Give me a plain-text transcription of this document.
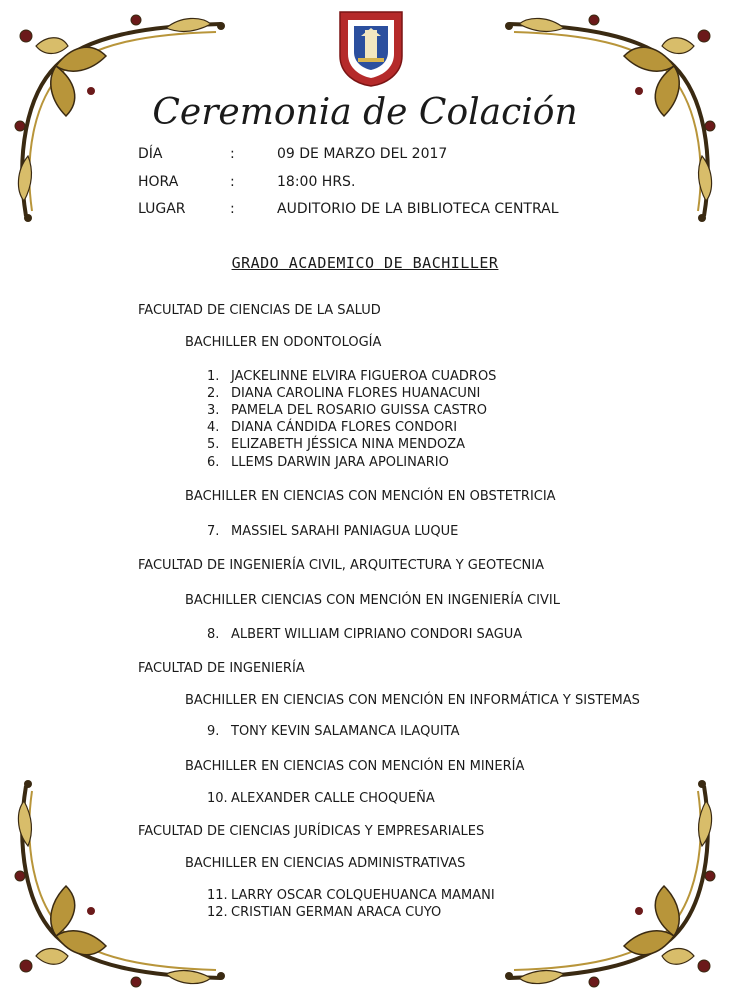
Ceremonia de Colación
DÍA	:	09 DE MARZO DEL 2017
HORA	:	18:00 HRS.
LUGAR	:	AUDITORIO DE LA BIBLIOTECA CENTRAL
GRADO ACADEMICO DE BACHILLER
FACULTAD DE CIENCIAS DE LA SALUD
BACHILLER EN ODONTOLOGÍA
1. JACKELINNE ELVIRA FIGUEROA CUADROS
2. DIANA CAROLINA FLORES HUANACUNI
3. PAMELA DEL ROSARIO GUISSA CASTRO
4. DIANA CÁNDIDA FLORES CONDORI
5. ELIZABETH JÉSSICA NINA MENDOZA
6. LLEMS DARWIN JARA APOLINARIO
BACHILLER EN CIENCIAS CON MENCIÓN EN OBSTETRICIA
7. MASSIEL SARAHI PANIAGUA LUQUE
FACULTAD DE INGENIERÍA CIVIL, ARQUITECTURA Y GEOTECNIA
BACHILLER CIENCIAS CON MENCIÓN EN INGENIERÍA CIVIL
8. ALBERT WILLIAM CIPRIANO CONDORI SAGUA
FACULTAD DE INGENIERÍA
BACHILLER EN CIENCIAS CON MENCIÓN EN INFORMÁTICA Y SISTEMAS
9. TONY KEVIN SALAMANCA ILAQUITA
BACHILLER EN CIENCIAS CON MENCIÓN EN MINERÍA
10. ALEXANDER CALLE CHOQUEÑA
FACULTAD DE CIENCIAS JURÍDICAS Y EMPRESARIALES
BACHILLER EN CIENCIAS ADMINISTRATIVAS
11. LARRY OSCAR COLQUEHUANCA MAMANI
12. CRISTIAN GERMAN ARACA CUYO
